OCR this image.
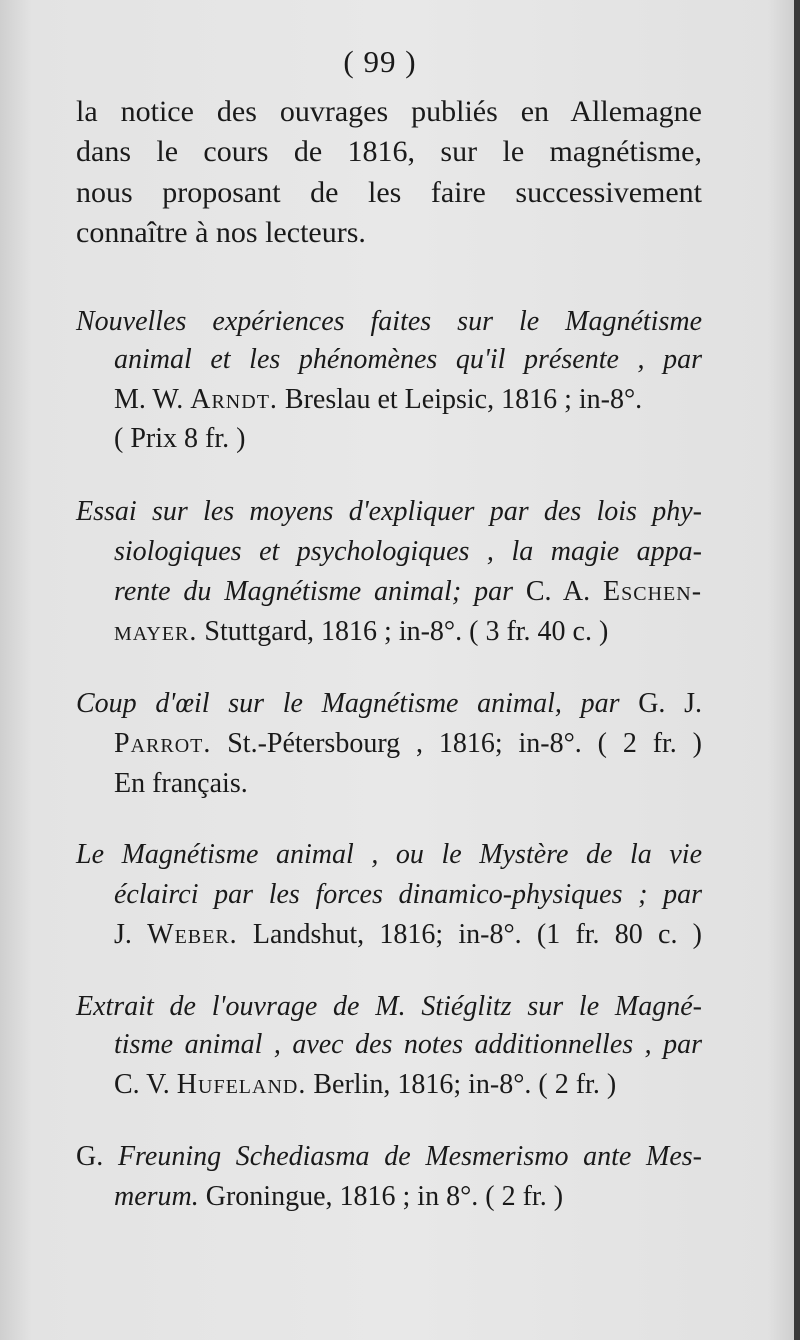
( 99 )
la notice des ouvrages publiés en Allemagne
dans le cours de 1816, sur le magnétisme,
nous proposant de les faire successivement
connaître à nos lecteurs.
Nouvelles expériences faites sur le Magnétisme
animal et les phénomènes qu'il présente , par
M. W. Arndt. Breslau et Leipsic, 1816 ; in-8°.
( Prix 8 fr. )
Essai sur les moyens d'expliquer par des lois phy-
siologiques et psychologiques , la magie appa-
rente du Magnétisme animal; par C. A. Eschen-
mayer. Stuttgard, 1816 ; in-8°. ( 3 fr. 40 c. )
Coup d'œil sur le Magnétisme animal, par G. J.
Parrot. St.-Pétersbourg , 1816; in-8°. ( 2 fr. )
En français.
Le Magnétisme animal , ou le Mystère de la vie
éclairci par les forces dinamico-physiques ; par
J. Weber. Landshut, 1816; in-8°. (1 fr. 80 c. )
Extrait de l'ouvrage de M. Stiéglitz sur le Magné-
tisme animal , avec des notes additionnelles , par
C. V. Hufeland. Berlin, 1816; in-8°. ( 2 fr. )
G. Freuning Schediasma de Mesmerismo ante Mes-
merum. Groningue, 1816 ; in 8°. ( 2 fr. )
